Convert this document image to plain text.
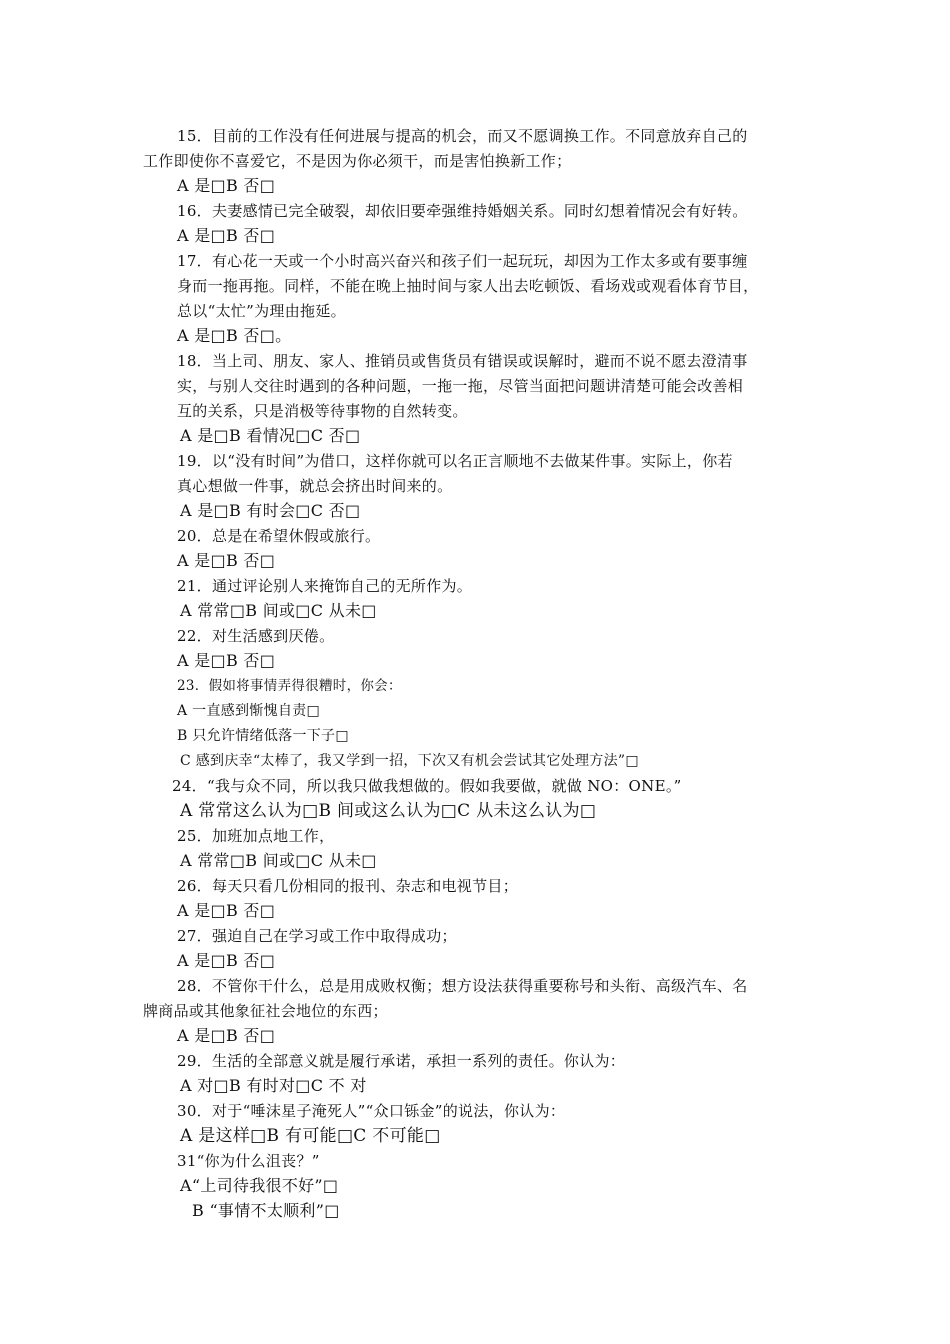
15．目前的工作没有任何进展与提高的机会，而又不愿调换工作。不同意放弃自己的
工作即使你不喜爱它，不是因为你必须干，而是害怕换新工作；
A 是□B 否□
16．夫妻感情已完全破裂，却依旧要牵强维持婚姻关系。同时幻想着情况会有好转。
A 是□B 否□
17．有心花一天或一个小时高兴奋兴和孩子们一起玩玩，却因为工作太多或有要事缠
身而一拖再拖。同样，不能在晚上抽时间与家人出去吃顿饭、看场戏或观看体育节目，
总以“太忙”为理由拖延。
A 是□B 否□。
18．当上司、朋友、家人、推销员或售货员有错误或误解时，避而不说不愿去澄清事
实，与别人交往时遇到的各种问题，一拖一拖，尽管当面把问题讲清楚可能会改善相
互的关系，只是消极等待事物的自然转变。
A 是□B 看情况□C 否□
19．以“没有时间”为借口，这样你就可以名正言顺地不去做某件事。实际上，你若
真心想做一件事，就总会挤出时间来的。
A 是□B 有时会□C 否□
20．总是在希望休假或旅行。
A 是□B 否□
21．通过评论别人来掩饰自己的无所作为。
A 常常□B 间或□C 从未□
22．对生活感到厌倦。
A 是□B 否□
23．假如将事情弄得很糟时，你会：
A 一直感到惭愧自责□
B 只允许情绪低落一下子□
C 感到庆幸“太棒了，我又学到一招，下次又有机会尝试其它处理方法”□
24．“我与众不同，所以我只做我想做的。假如我要做，就做 NO：ONE。”
A 常常这么认为□B 间或这么认为□C 从未这么认为□
25．加班加点地工作，
A 常常□B 间或□C 从未□
26．每天只看几份相同的报刊、杂志和电视节目；
A 是□B 否□
27．强迫自己在学习或工作中取得成功；
A 是□B 否□
28．不管你干什么，总是用成败权衡；想方设法获得重要称号和头衔、高级汽车、名
牌商品或其他象征社会地位的东西；
A 是□B 否□
29．生活的全部意义就是履行承诺，承担一系列的责任。你认为：
A 对□B 有时对□C 不 对
30．对于“唾沫星子淹死人”“众口铄金”的说法，你认为：
A 是这样□B 有可能□C 不可能□
31“你为什么沮丧？”
A“上司待我很不好”□
B “事情不太顺利”□
